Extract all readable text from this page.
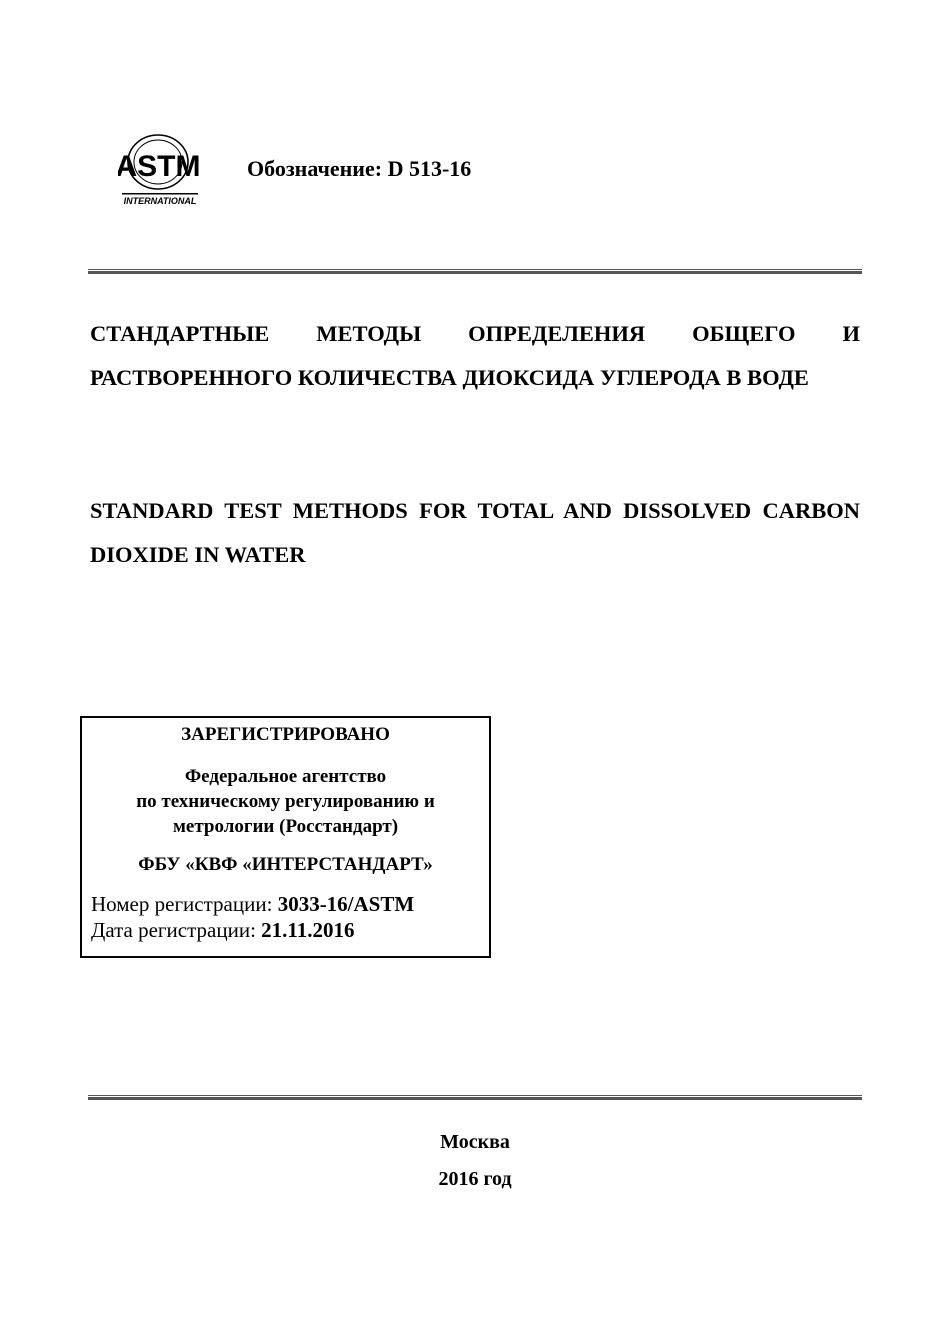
ASTM
INTERNATIONAL
Обозначение: D 513-16

СТАНДАРТНЫЕ МЕТОДЫ ОПРЕДЕЛЕНИЯ ОБЩЕГО И РАСТВОРЕННОГО КОЛИЧЕСТВА ДИОКСИДА УГЛЕРОДА В ВОДЕ

STANDARD TEST METHODS FOR TOTAL AND DISSOLVED CARBON DIOXIDE IN WATER

ЗАРЕГИСТРИРОВАНО
Федеральное агентство
по техническому регулированию и
метрологии (Росстандарт)
ФБУ «КВФ «ИНТЕРСТАНДАРТ»
Номер регистрации: 3033-16/ASTM
Дата регистрации: 21.11.2016
Москва
2016 год
